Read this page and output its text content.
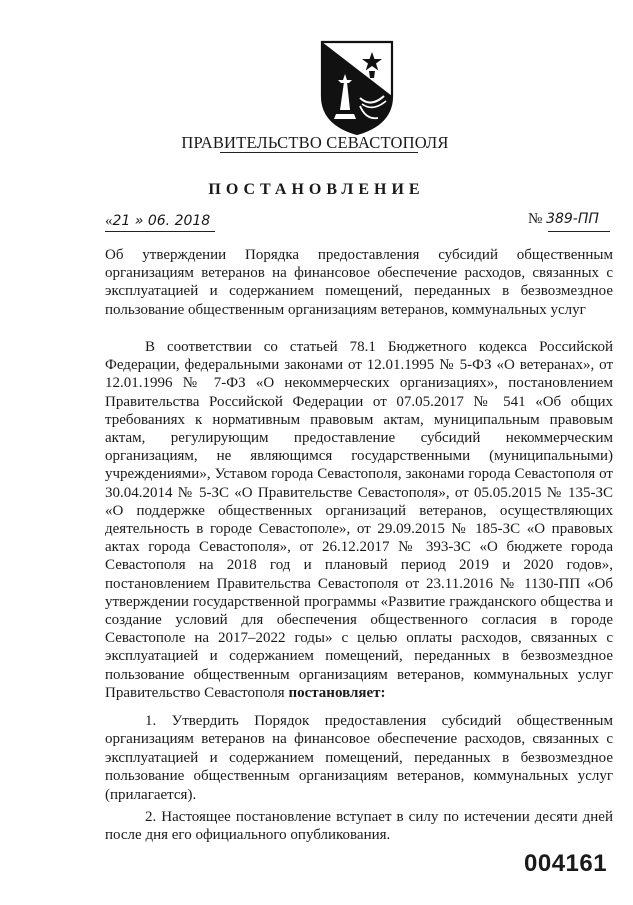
ПРАВИТЕЛЬСТВО СЕВАСТОПОЛЯ
ПОСТАНОВЛЕНИЕ
«21 » 06. 2018	№ 389-ПП
Об утверждении Порядка предоставления субсидий общественным организациям ветеранов на финансовое обеспечение расходов, связанных с эксплуатацией и содержанием помещений, переданных в безвозмездное пользование общественным организациям ветеранов, коммунальных услуг
В соответствии со статьей 78.1 Бюджетного кодекса Российской Федерации, федеральными законами от 12.01.1995 № 5-ФЗ «О ветеранах», от 12.01.1996 № 7-ФЗ «О некоммерческих организациях», постановлением Правительства Российской Федерации от 07.05.2017 № 541 «Об общих требованиях к нормативным правовым актам, муниципальным правовым актам, регулирующим предоставление субсидий некоммерческим организациям, не являющимся государственными (муниципальными) учреждениями», Уставом города Севастополя, законами города Севастополя от 30.04.2014 № 5-ЗС «О Правительстве Севастополя», от 05.05.2015 № 135-ЗС «О поддержке общественных организаций ветеранов, осуществляющих деятельность в городе Севастополе», от 29.09.2015 № 185-ЗС «О правовых актах города Севастополя», от 26.12.2017 № 393-ЗС «О бюджете города Севастополя на 2018 год и плановый период 2019 и 2020 годов», постановлением Правительства Севастополя от 23.11.2016 № 1130-ПП «Об утверждении государственной программы «Развитие гражданского общества и создание условий для обеспечения общественного согласия в городе Севастополе на 2017–2022 годы» с целью оплаты расходов, связанных с эксплуатацией и содержанием помещений, переданных в безвозмездное пользование общественным организациям ветеранов, коммунальных услуг Правительство Севастополя постановляет:
1. Утвердить Порядок предоставления субсидий общественным организациям ветеранов на финансовое обеспечение расходов, связанных с эксплуатацией и содержанием помещений, переданных в безвозмездное пользование общественным организациям ветеранов, коммунальных услуг (прилагается).
2. Настоящее постановление вступает в силу по истечении десяти дней после дня его официального опубликования.
004161
